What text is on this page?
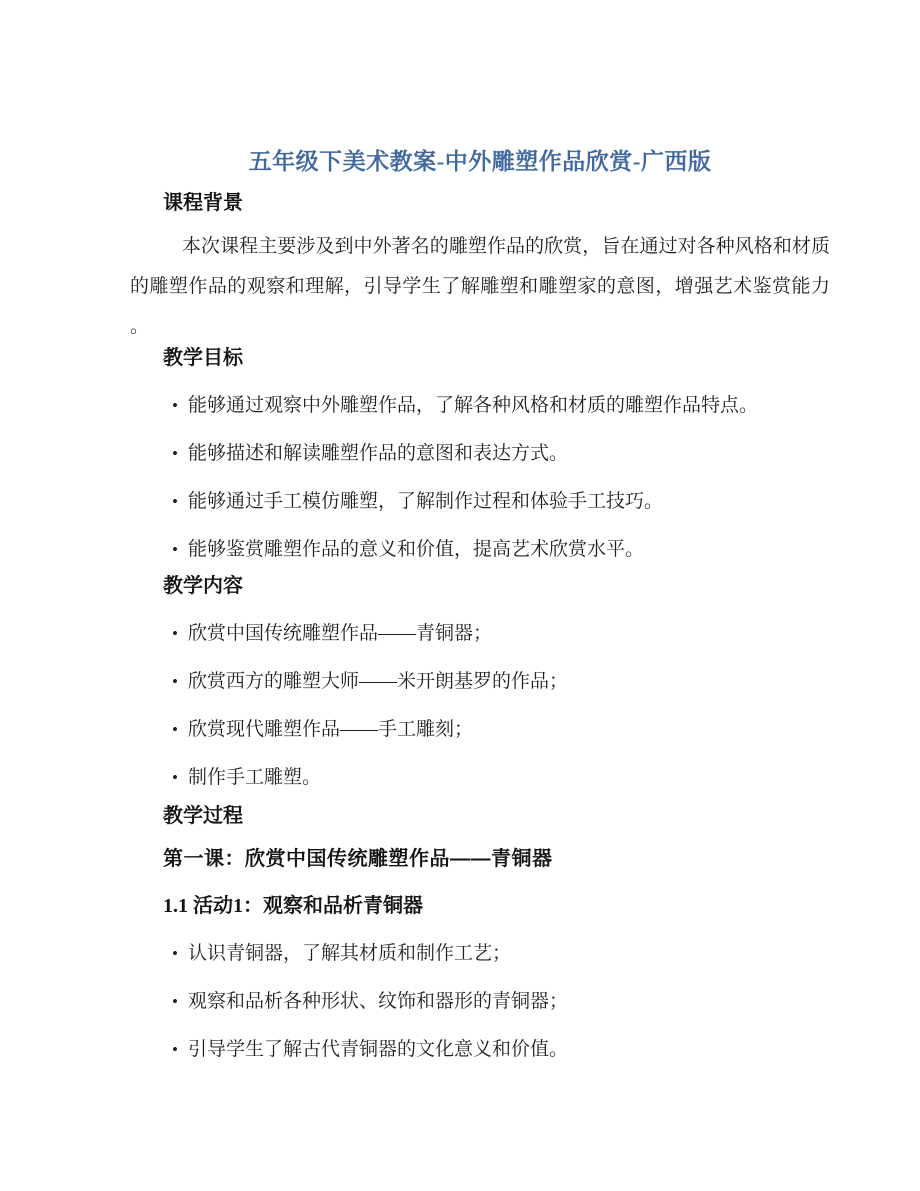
五年级下美术教案-中外雕塑作品欣赏-广西版
课程背景

本次课程主要涉及到中外著名的雕塑作品的欣赏，旨在通过对各种风格和材质的雕塑作品的观察和理解，引导学生了解雕塑和雕塑家的意图，增强艺术鉴赏能力。

教学目标
• 能够通过观察中外雕塑作品，了解各种风格和材质的雕塑作品特点。
• 能够描述和解读雕塑作品的意图和表达方式。
• 能够通过手工模仿雕塑，了解制作过程和体验手工技巧。
• 能够鉴赏雕塑作品的意义和价值，提高艺术欣赏水平。
教学内容
• 欣赏中国传统雕塑作品——青铜器；
• 欣赏西方的雕塑大师——米开朗基罗的作品；
• 欣赏现代雕塑作品——手工雕刻；
• 制作手工雕塑。
教学过程
第一课：欣赏中国传统雕塑作品——青铜器
1.1 活动1：观察和品析青铜器
• 认识青铜器，了解其材质和制作工艺；
• 观察和品析各种形状、纹饰和器形的青铜器；
• 引导学生了解古代青铜器的文化意义和价值。
